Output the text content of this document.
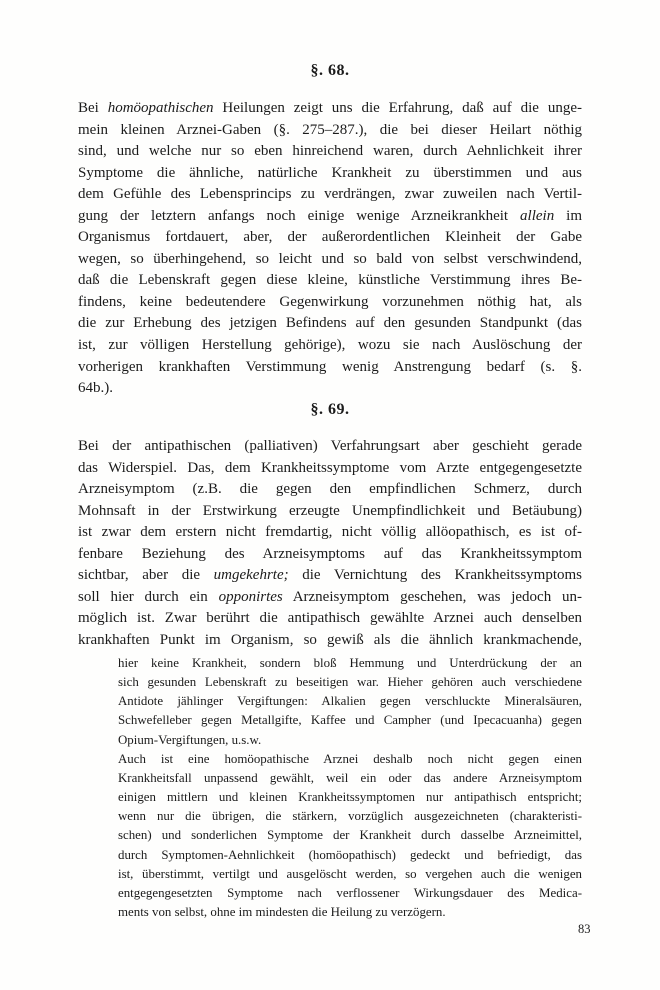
§. 68.
Bei homöopathischen Heilungen zeigt uns die Erfahrung, daß auf die unge-
mein kleinen Arznei-Gaben (§. 275–287.), die bei dieser Heilart nöthig
sind, und welche nur so eben hinreichend waren, durch Aehnlichkeit ihrer
Symptome die ähnliche, natürliche Krankheit zu überstimmen und aus
dem Gefühle des Lebensprincips zu verdrängen, zwar zuweilen nach Vertil-
gung der letztern anfangs noch einige wenige Arzneikrankheit allein im
Organismus fortdauert, aber, der außerordentlichen Kleinheit der Gabe
wegen, so überhingehend, so leicht und so bald von selbst verschwindend,
daß die Lebenskraft gegen diese kleine, künstliche Verstimmung ihres Be-
findens, keine bedeutendere Gegenwirkung vorzunehmen nöthig hat, als
die zur Erhebung des jetzigen Befindens auf den gesunden Standpunkt (das
ist, zur völligen Herstellung gehörige), wozu sie nach Auslöschung der
vorherigen krankhaften Verstimmung wenig Anstrengung bedarf (s. §.
64b.).
§. 69.
Bei der antipathischen (palliativen) Verfahrungsart aber geschieht gerade
das Widerspiel. Das, dem Krankheitssymptome vom Arzte entgegengesetzte
Arzneisymptom (z.B. die gegen den empfindlichen Schmerz, durch
Mohnsaft in der Erstwirkung erzeugte Unempfindlichkeit und Betäubung)
ist zwar dem erstern nicht fremdartig, nicht völlig allöopathisch, es ist of-
fenbare Beziehung des Arzneisymptoms auf das Krankheitssymptom
sichtbar, aber die umgekehrte; die Vernichtung des Krankheitssymptoms
soll hier durch ein opponirtes Arzneisymptom geschehen, was jedoch un-
möglich ist. Zwar berührt die antipathisch gewählte Arznei auch denselben
krankhaften Punkt im Organism, so gewiß als die ähnlich krankmachende,
hier keine Krankheit, sondern bloß Hemmung und Unterdrückung der an
sich gesunden Lebenskraft zu beseitigen war. Hieher gehören auch verschiedene
Antidote jählinger Vergiftungen: Alkalien gegen verschluckte Mineralsäuren,
Schwefelleber gegen Metallgifte, Kaffee und Campher (und Ipecacuanha) gegen
Opium-Vergiftungen, u.s.w.
Auch ist eine homöopathische Arznei deshalb noch nicht gegen einen
Krankheitsfall unpassend gewählt, weil ein oder das andere Arzneisymptom
einigen mittlern und kleinen Krankheitssymptomen nur antipathisch entspricht;
wenn nur die übrigen, die stärkern, vorzüglich ausgezeichneten (charakteristi-
schen) und sonderlichen Symptome der Krankheit durch dasselbe Arzneimittel,
durch Symptomen-Aehnlichkeit (homöopathisch) gedeckt und befriedigt, das
ist, überstimmt, vertilgt und ausgelöscht werden, so vergehen auch die wenigen
entgegengesetzten Symptome nach verflossener Wirkungsdauer des Medica-
ments von selbst, ohne im mindesten die Heilung zu verzögern.
83
